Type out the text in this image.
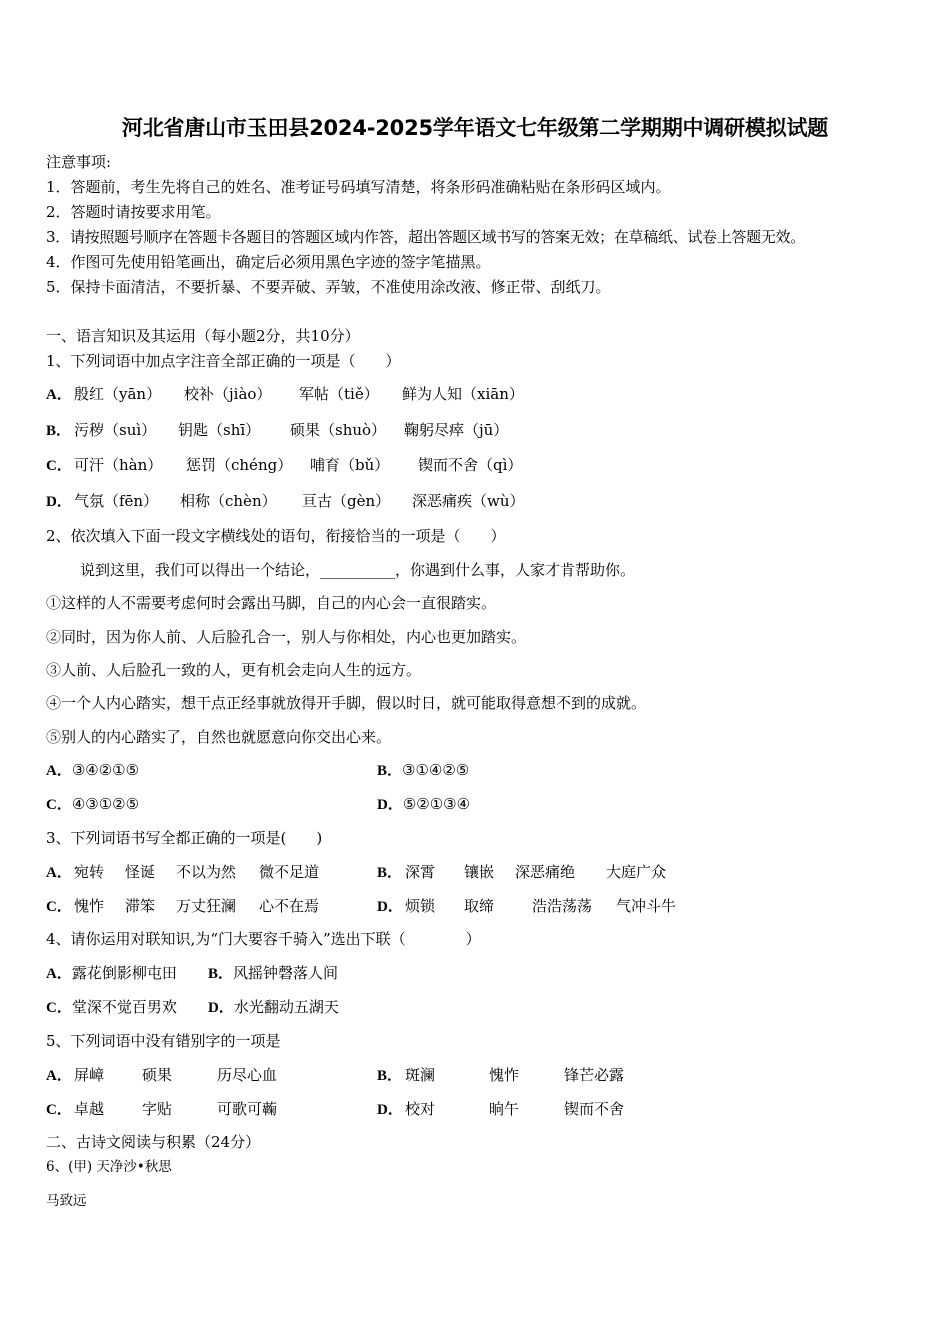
河北省唐山市玉田县2024-2025学年语文七年级第二学期期中调研模拟试题
注意事项:
1．答题前，考生先将自己的姓名、准考证号码填写清楚，将条形码准确粘贴在条形码区域内。
2．答题时请按要求用笔。
3．请按照题号顺序在答题卡各题目的答题区域内作答，超出答题区域书写的答案无效；在草稿纸、试卷上答题无效。
4．作图可先使用铅笔画出，确定后必须用黑色字迹的签字笔描黑。
5．保持卡面清洁，不要折暴、不要弄破、弄皱，不准使用涂改液、修正带、刮纸刀。
一、语言知识及其运用（每小题2分，共10分）
1、下列词语中加点字注音全部正确的一项是（　　）
A． 殷红（yān） 校补（jiào） 军帖（tiě） 鲜为人知（xiān）
B． 污秽（suì） 钥匙（shī） 硕果（shuò） 鞠躬尽瘁（jū）
C． 可汗（hàn） 惩罚（chéng） 哺育（bǔ） 锲而不舍（qì）
D． 气氛（fēn） 相称（chèn） 亘古（gèn） 深恶痛疾（wù）
2、依次填入下面一段文字横线处的语句，衔接恰当的一项是（　　）
说到这里，我们可以得出一个结论，__________，你遇到什么事，人家才肯帮助你。
①这样的人不需要考虑何时会露出马脚，自己的内心会一直很踏实。
②同时，因为你人前、人后脸孔合一，别人与你相处，内心也更加踏实。
③人前、人后脸孔一致的人，更有机会走向人生的远方。
④一个人内心踏实，想干点正经事就放得开手脚，假以时日，就可能取得意想不到的成就。
⑤别人的内心踏实了，自然也就愿意向你交出心来。
A．③④②①⑤	B．③①④②⑤
C．④③①②⑤	D．⑤②①③④
3、下列词语书写全都正确的一项是(　　)
A． 宛转 怪诞 不以为然 微不足道	B． 深霄 镶嵌 深恶痛绝 大庭广众
C． 愧怍 滞笨 万丈狂澜 心不在焉	D． 烦锁 取缔	浩浩荡荡 气冲斗牛
4、请你运用对联知识,为“门大要容千骑入”选出下联（　　　　）
A．露花倒影柳屯田 B．风摇钟磬落人间
C．堂深不觉百男欢 D．水光翻动五湖天
5、下列词语中没有错别字的一项是
A． 屏嶂	硕果	历尽心血	B． 斑澜	愧怍	锋芒必露
C． 卓越	字贴	可歌可蘜	D． 校对	晌午	锲而不舍
二、古诗文阅读与积累（24分）
6、(甲) 天净沙•秋思
马致远
